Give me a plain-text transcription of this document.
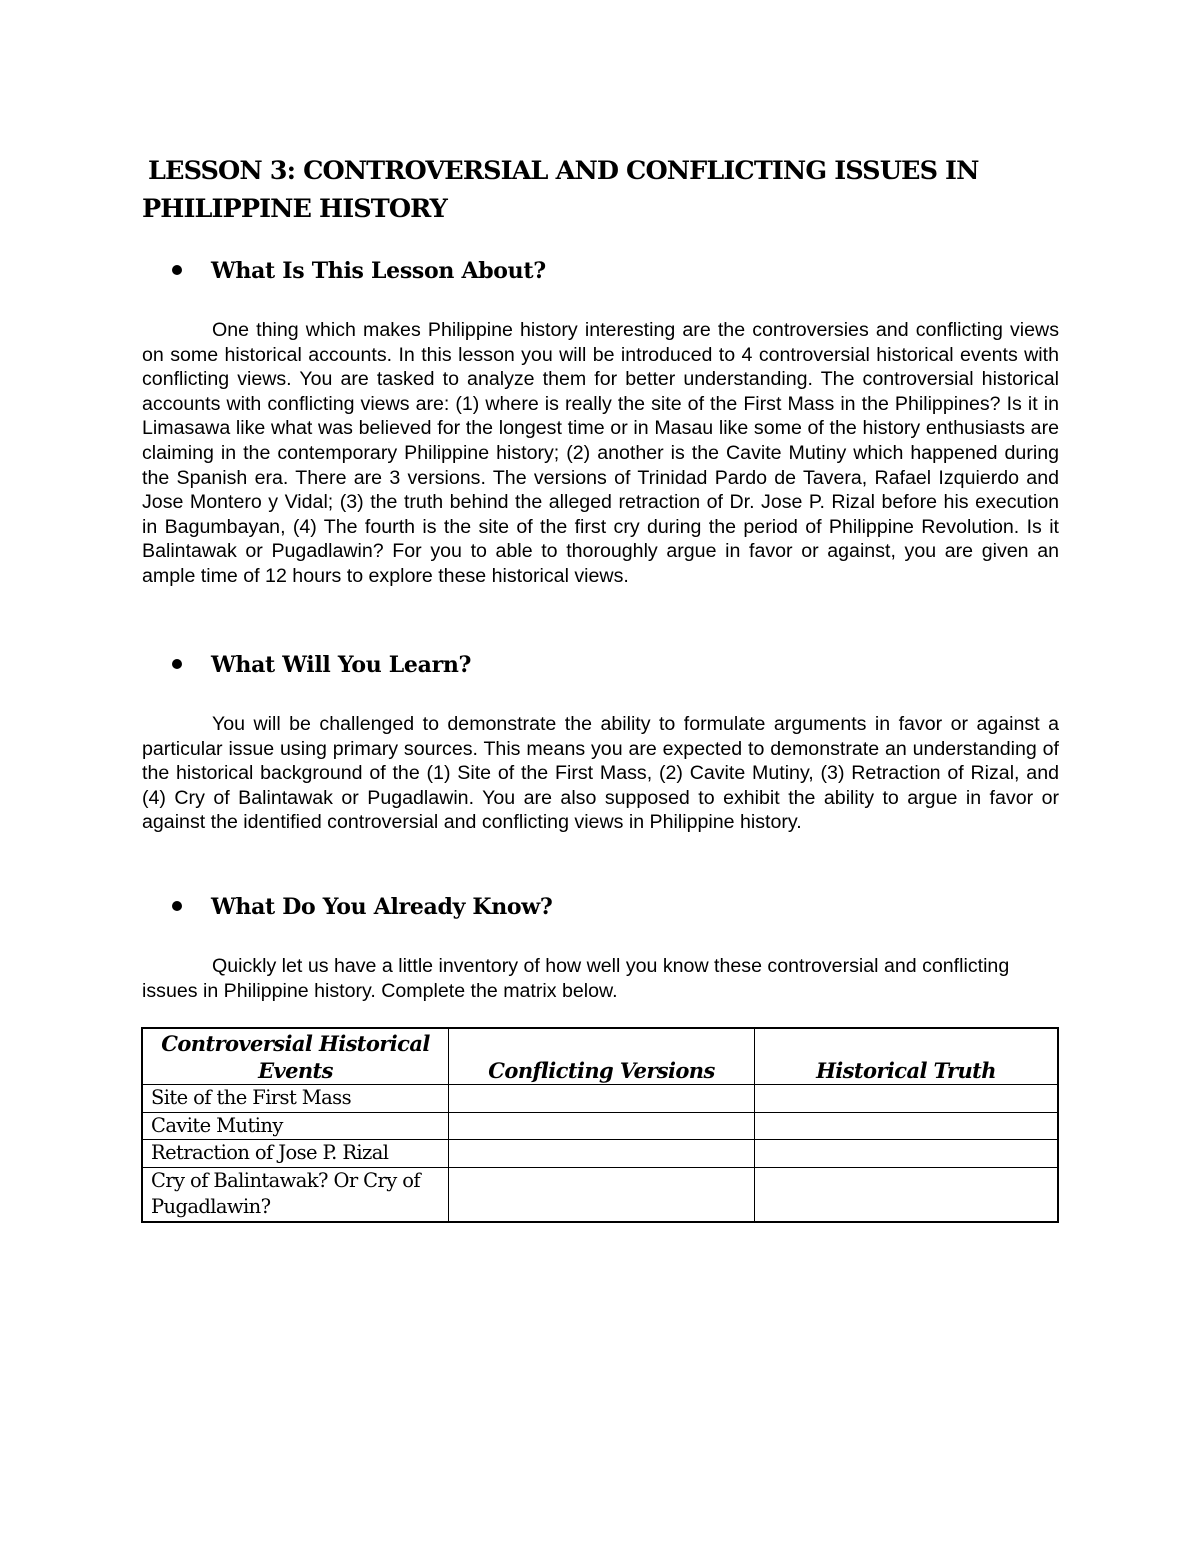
LESSON 3: CONTROVERSIAL AND CONFLICTING ISSUES IN
PHILIPPINE HISTORY
What Is This Lesson About?

One thing which makes Philippine history interesting are the controversies and conflicting views on some historical accounts. In this lesson you will be introduced to 4 controversial historical events with conflicting views. You are tasked to analyze them for better understanding. The controversial historical accounts with conflicting views are: (1) where is really the site of the First Mass in the Philippines? Is it in Limasawa like what was believed for the longest time or in Masau like some of the history enthusiasts are claiming in the contemporary Philippine history; (2) another is the Cavite Mutiny which happened during the Spanish era. There are 3 versions. The versions of Trinidad Pardo de Tavera, Rafael Izquierdo and Jose Montero y Vidal; (3) the truth behind the alleged retraction of Dr. Jose P. Rizal before his execution in Bagumbayan, (4) The fourth is the site of the first cry during the period of Philippine Revolution. Is it Balintawak or Pugadlawin? For you to able to thoroughly argue in favor or against, you are given an ample time of 12 hours to explore these historical views.

What Will You Learn?

You will be challenged to demonstrate the ability to formulate arguments in favor or against a particular issue using primary sources. This means you are expected to demonstrate an understanding of the historical background of the (1) Site of the First Mass, (2) Cavite Mutiny, (3) Retraction of Rizal, and (4) Cry of Balintawak or Pugadlawin. You are also supposed to exhibit the ability to argue in favor or against the identified controversial and conflicting views in Philippine history.

What Do You Already Know?

Quickly let us have a little inventory of how well you know these controversial and conflicting issues in Philippine history. Complete the matrix below.

Controversial Historical Events	Conflicting Versions	Historical Truth
Site of the First Mass		
Cavite Mutiny		
Retraction of Jose P. Rizal		
Cry of Balintawak? Or Cry of Pugadlawin?		
